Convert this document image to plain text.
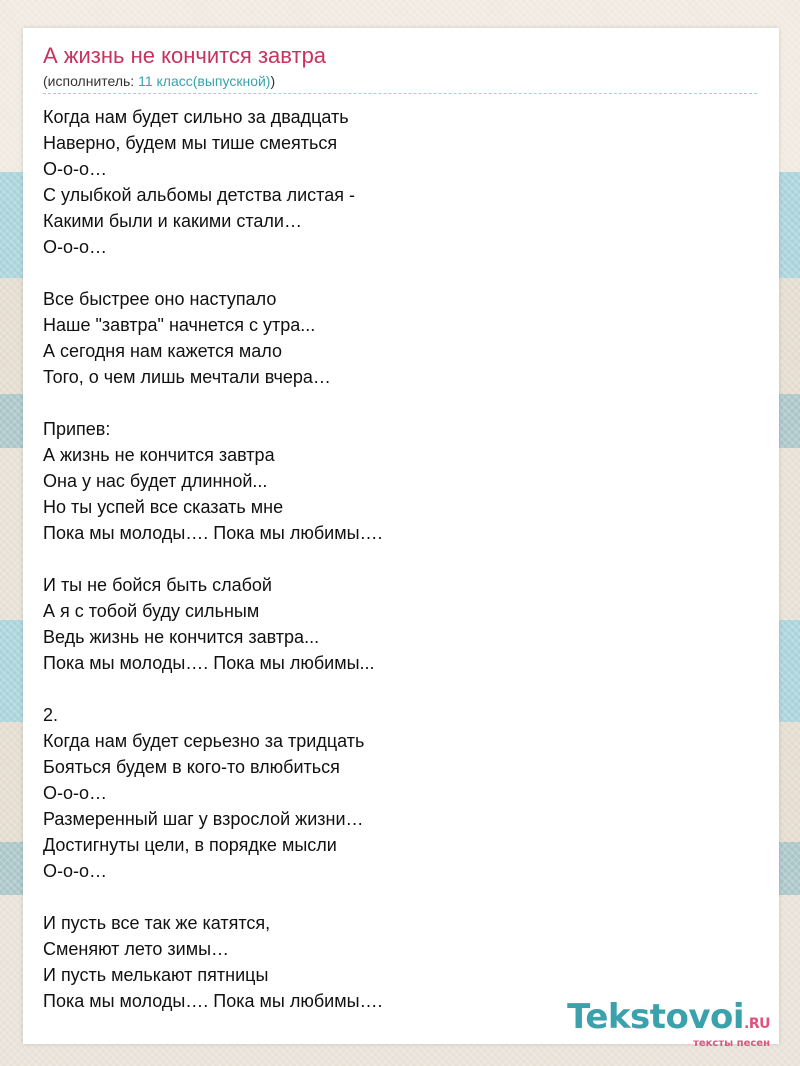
А жизнь не кончится завтра
(исполнитель: 11 класс(выпускной))
Когда нам будет сильно за двадцать
Наверно, будем мы тише смеяться
О-о-о…
С улыбкой альбомы детства листая -
Какими были и какими стали…
О-о-о…
Все быстрее оно наступало
Наше "завтра" начнется с утра...
А сегодня нам кажется мало
Того, о чем лишь мечтали вчера…
Припев:
А жизнь не кончится завтра
Она у нас будет длинной...
Но ты успей все сказать мне
Пока мы молоды…. Пока мы любимы….
И ты не бойся быть слабой
А я с тобой буду сильным
Ведь жизнь не кончится завтра...
Пока мы молоды…. Пока мы любимы...
2.
Когда нам будет серьезно за тридцать
Бояться будем в кого-то влюбиться
О-о-о…
Размеренный шаг у взрослой жизни…
Достигнуты цели, в порядке мысли
О-о-о…
И пусть все так же катятся,
Сменяют лето зимы…
И пусть мелькают пятницы
Пока мы молоды…. Пока мы любимы….	Tekstovoi.RU
тексты песен
